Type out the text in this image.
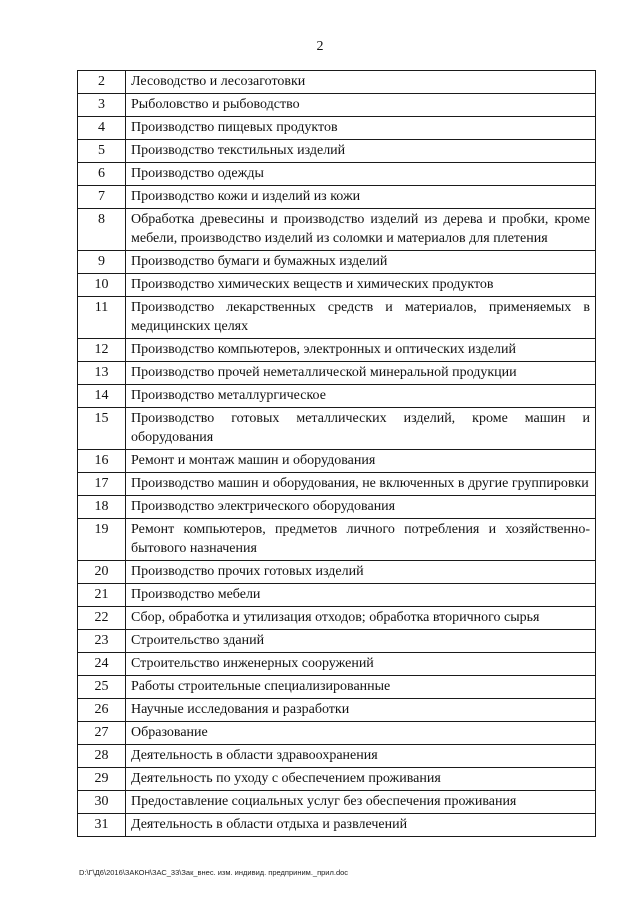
2
2	Лесоводство и лесозаготовки
3	Рыболовство и рыбоводство
4	Производство пищевых продуктов
5	Производство текстильных изделий
6	Производство одежды
7	Производство кожи и изделий из кожи
8	Обработка древесины и производство изделий из дерева и пробки, кроме мебели, производство изделий из соломки и материалов для плетения
9	Производство бумаги и бумажных изделий
10	Производство химических веществ и химических продуктов
11	Производство лекарственных средств и материалов, применяемых в медицинских целях
12	Производство компьютеров, электронных и оптических изделий
13	Производство прочей неметаллической минеральной продукции
14	Производство металлургическое
15	Производство готовых металлических изделий, кроме машин и оборудования
16	Ремонт и монтаж машин и оборудования
17	Производство машин и оборудования, не включенных в другие группировки
18	Производство электрического оборудования
19	Ремонт компьютеров, предметов личного потребления и хозяйственно-бытового назначения
20	Производство прочих готовых изделий
21	Производство мебели
22	Сбор, обработка и утилизация отходов; обработка вторичного сырья
23	Строительство зданий
24	Строительство инженерных сооружений
25	Работы строительные специализированные
26	Научные исследования и разработки
27	Образование
28	Деятельность в области здравоохранения
29	Деятельность по уходу с обеспечением проживания
30	Предоставление социальных услуг без обеспечения проживания
31	Деятельность в области отдыха и развлечений
D:\Г\Д6\2016\ЗАКОН\ЗАС_33\Зак_внес. изм. индивид. предприним._прил.doc
